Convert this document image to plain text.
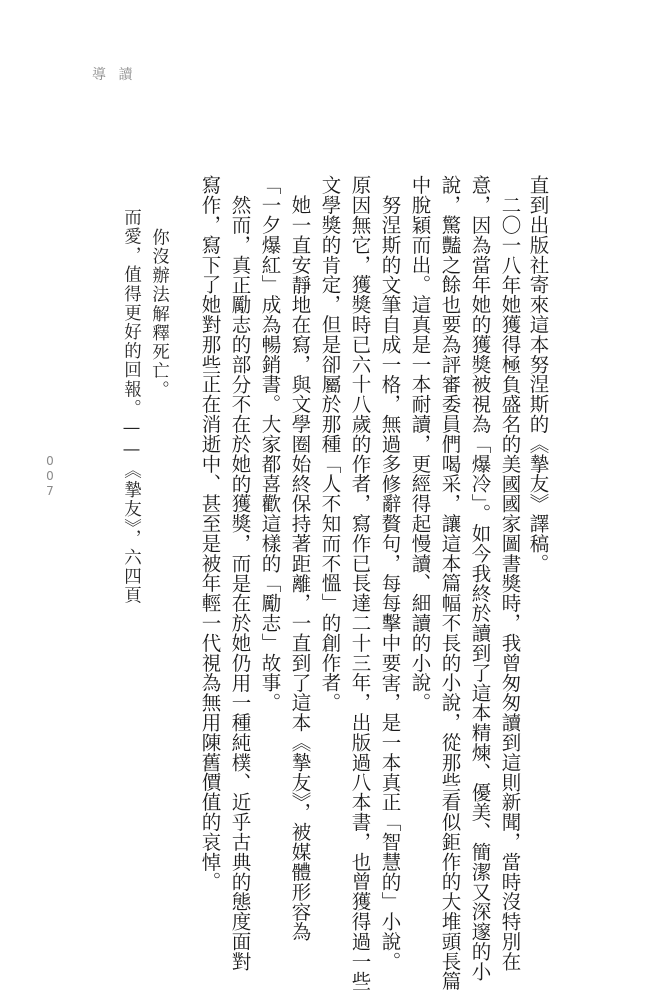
導 讀
直到出版社寄來這本努涅斯的《摯友》譯稿。
二〇一八年她獲得極負盛名的美國國家圖書獎時，我曾匆匆讀到這則新聞，當時沒特別在
意，因為當年她的獲獎被視為「爆冷」。如今我終於讀到了這本精煉、優美、簡潔又深邃的小
說，驚豔之餘也要為評審委員們喝采，讓這本篇幅不長的小說，從那些看似鉅作的大堆頭長篇
中脫穎而出。這真是一本耐讀，更經得起慢讀、細讀的小說。
努涅斯的文筆自成一格，無過多修辭贅句，每每擊中要害，是一本真正「智慧的」小說。
原因無它，獲獎時已六十八歲的作者，寫作已長達二十三年，出版過八本書，也曾獲得過一些
文學獎的肯定，但是卻屬於那種「人不知而不慍」的創作者。
她一直安靜地在寫，與文學圈始終保持著距離，一直到了這本《摯友》，被媒體形容為
「一夕爆紅」成為暢銷書。大家都喜歡這樣的「勵志」故事。
然而，真正勵志的部分不在於她的獲獎，而是在於她仍用一種純樸、近乎古典的態度面對
寫作，寫下了她對那些正在消逝中、甚至是被年輕一代視為無用陳舊價值的哀悼。
你沒辦法解釋死亡。
而愛，值得更好的回報。——《摯友》，六四頁
007
